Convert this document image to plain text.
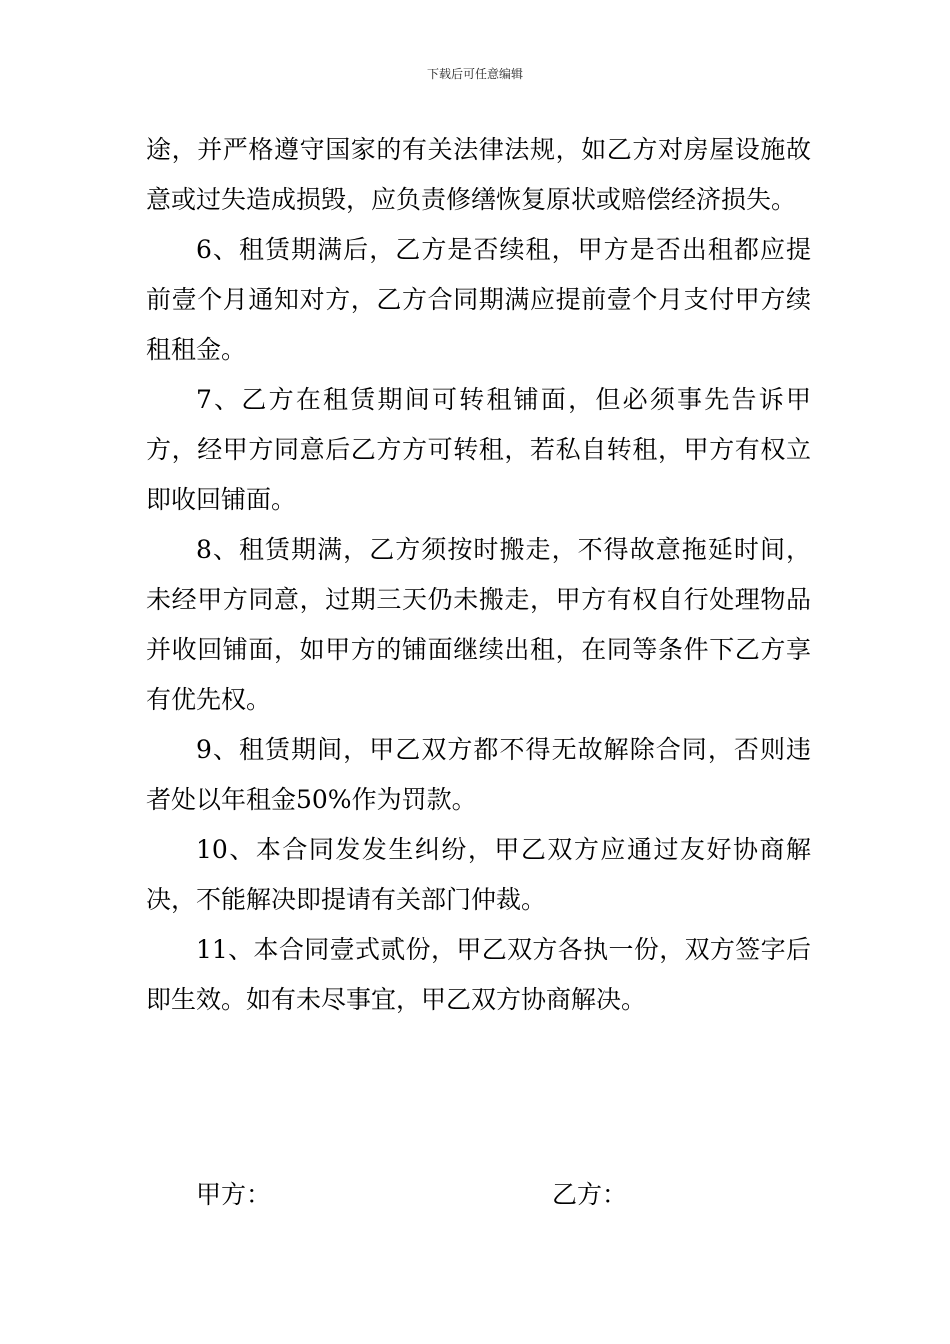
下载后可任意编辑

途，并严格遵守国家的有关法律法规，如乙方对房屋设施故意或过失造成损毁，应负责修缮恢复原状或赔偿经济损失。

6、租赁期满后，乙方是否续租，甲方是否出租都应提前壹个月通知对方，乙方合同期满应提前壹个月支付甲方续租租金。

7、乙方在租赁期间可转租铺面，但必须事先告诉甲方，经甲方同意后乙方方可转租，若私自转租，甲方有权立即收回铺面。

8、租赁期满，乙方须按时搬走，不得故意拖延时间，未经甲方同意，过期三天仍未搬走，甲方有权自行处理物品并收回铺面，如甲方的铺面继续出租，在同等条件下乙方享有优先权。

9、租赁期间，甲乙双方都不得无故解除合同，否则违者处以年租金50%作为罚款。

10、本合同发发生纠纷，甲乙双方应通过友好协商解决，不能解决即提请有关部门仲裁。

11、本合同壹式贰份，甲乙双方各执一份，双方签字后即生效。如有未尽事宜，甲乙双方协商解决。

甲方：	乙方：
